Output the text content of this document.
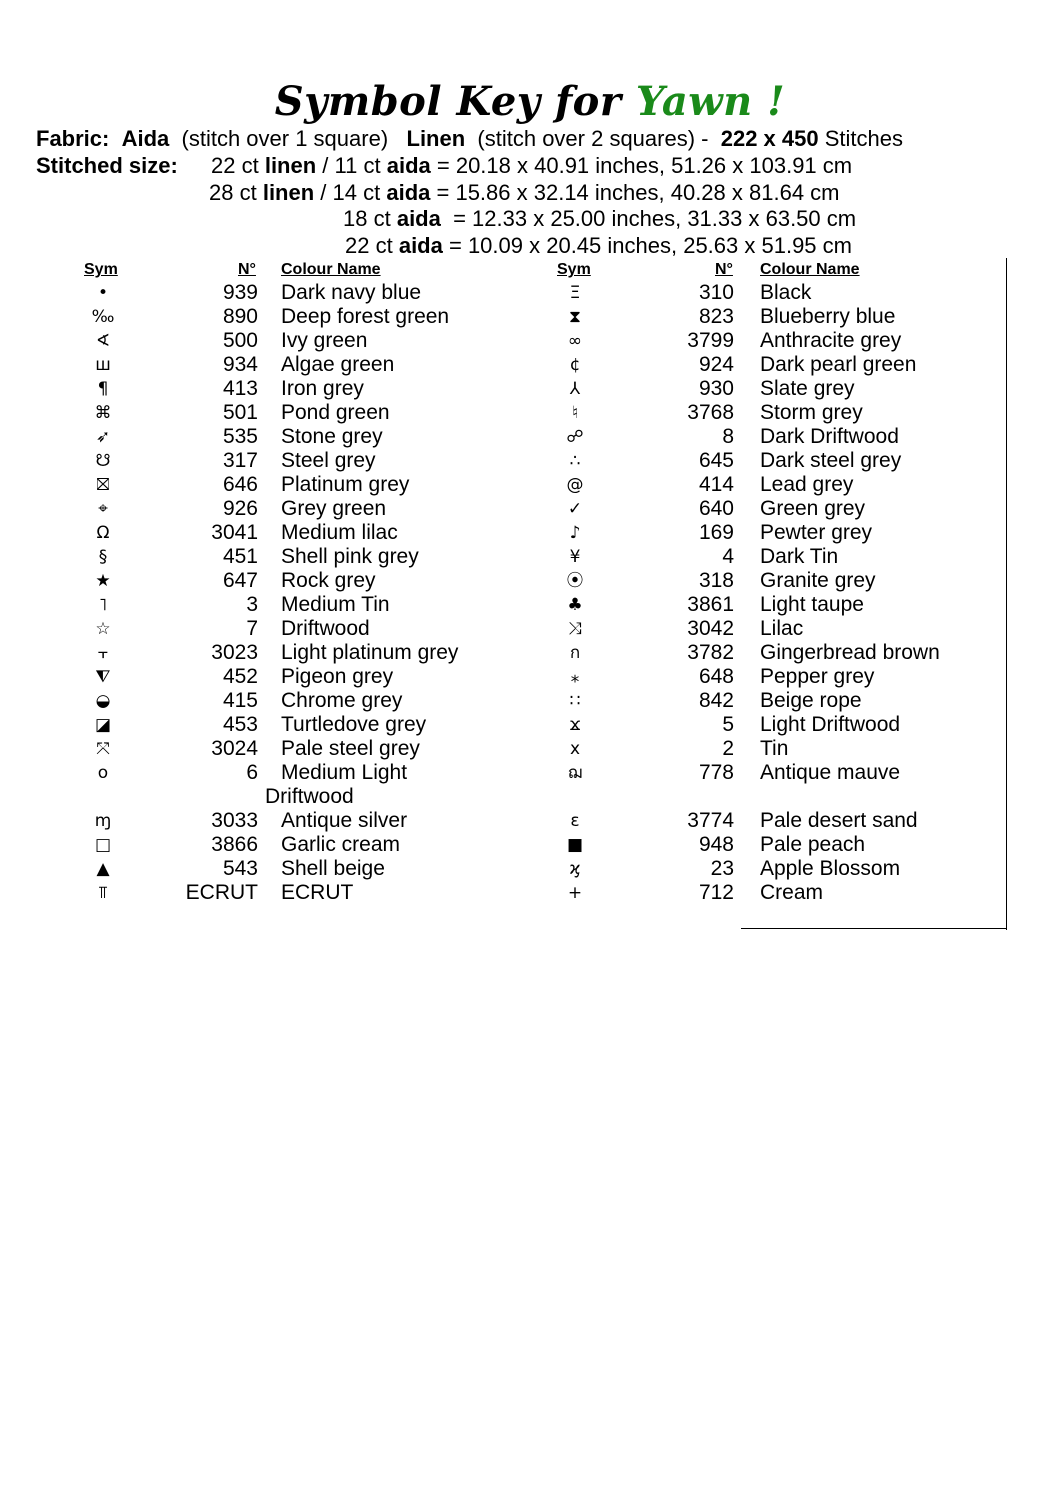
Symbol Key for Yawn !
Fabric: Aida (stitch over 1 square) Linen (stitch over 2 squares) - 222 x 450 Stitches
Stitched size: 22 ct linen / 11 ct aida = 20.18 x 40.91 inches, 51.26 x 103.91 cm
28 ct linen / 14 ct aida = 15.86 x 32.14 inches, 40.28 x 81.64 cm
18 ct aida  = 12.33 x 25.00 inches, 31.33 x 63.50 cm
22 ct aida = 10.09 x 20.45 inches, 25.63 x 51.95 cm
Sym	N° Colour Name	Sym	N° Colour Name
•	939 Dark navy blue
‰	890 Deep forest green
∢	500 Ivy green
ш	934 Algae green
¶	413 Iron grey
⌘	501 Pond green
➶	535 Stone grey
☋	317 Steel grey
⛝	646 Platinum grey
⌖	926 Grey green
Ω	3041 Medium lilac
§	451 Shell pink grey
★	647 Rock grey
˥	3 Medium Tin
☆	7 Driftwood
⫟	3023 Light platinum grey
⧨	452 Pigeon grey
◒	415 Chrome grey
◪	453 Turtledove grey
⤧	3024 Pale steel grey
o	6 Medium Light
Driftwood
ɱ	3033 Antique silver
□	3866 Garlic cream
▲	543 Shell beige
⫪	ECRUT ECRUT
Ξ	310 Black
⧗	823 Blueberry blue
∞	3799 Anthracite grey
¢	924 Dark pearl green
⅄	930 Slate grey
♮	3768 Storm grey
☍	8 Dark Driftwood
∴	645 Dark steel grey
@	414 Lead grey
✓	640 Green grey
♪	169 Pewter grey
¥	4 Dark Tin
⦿	318 Granite grey
♣	3861 Light taupe
⤨	3042 Lilac
ก	3782 Gingerbread brown
⁎	648 Pepper grey
∷	842 Beige rope
ϫ	5 Light Driftwood
x	2 Tin
ฌ	778 Antique mauve
ɛ	3774 Pale desert sand
■	948 Pale peach
ϗ	23 Apple Blossom
+	712 Cream
